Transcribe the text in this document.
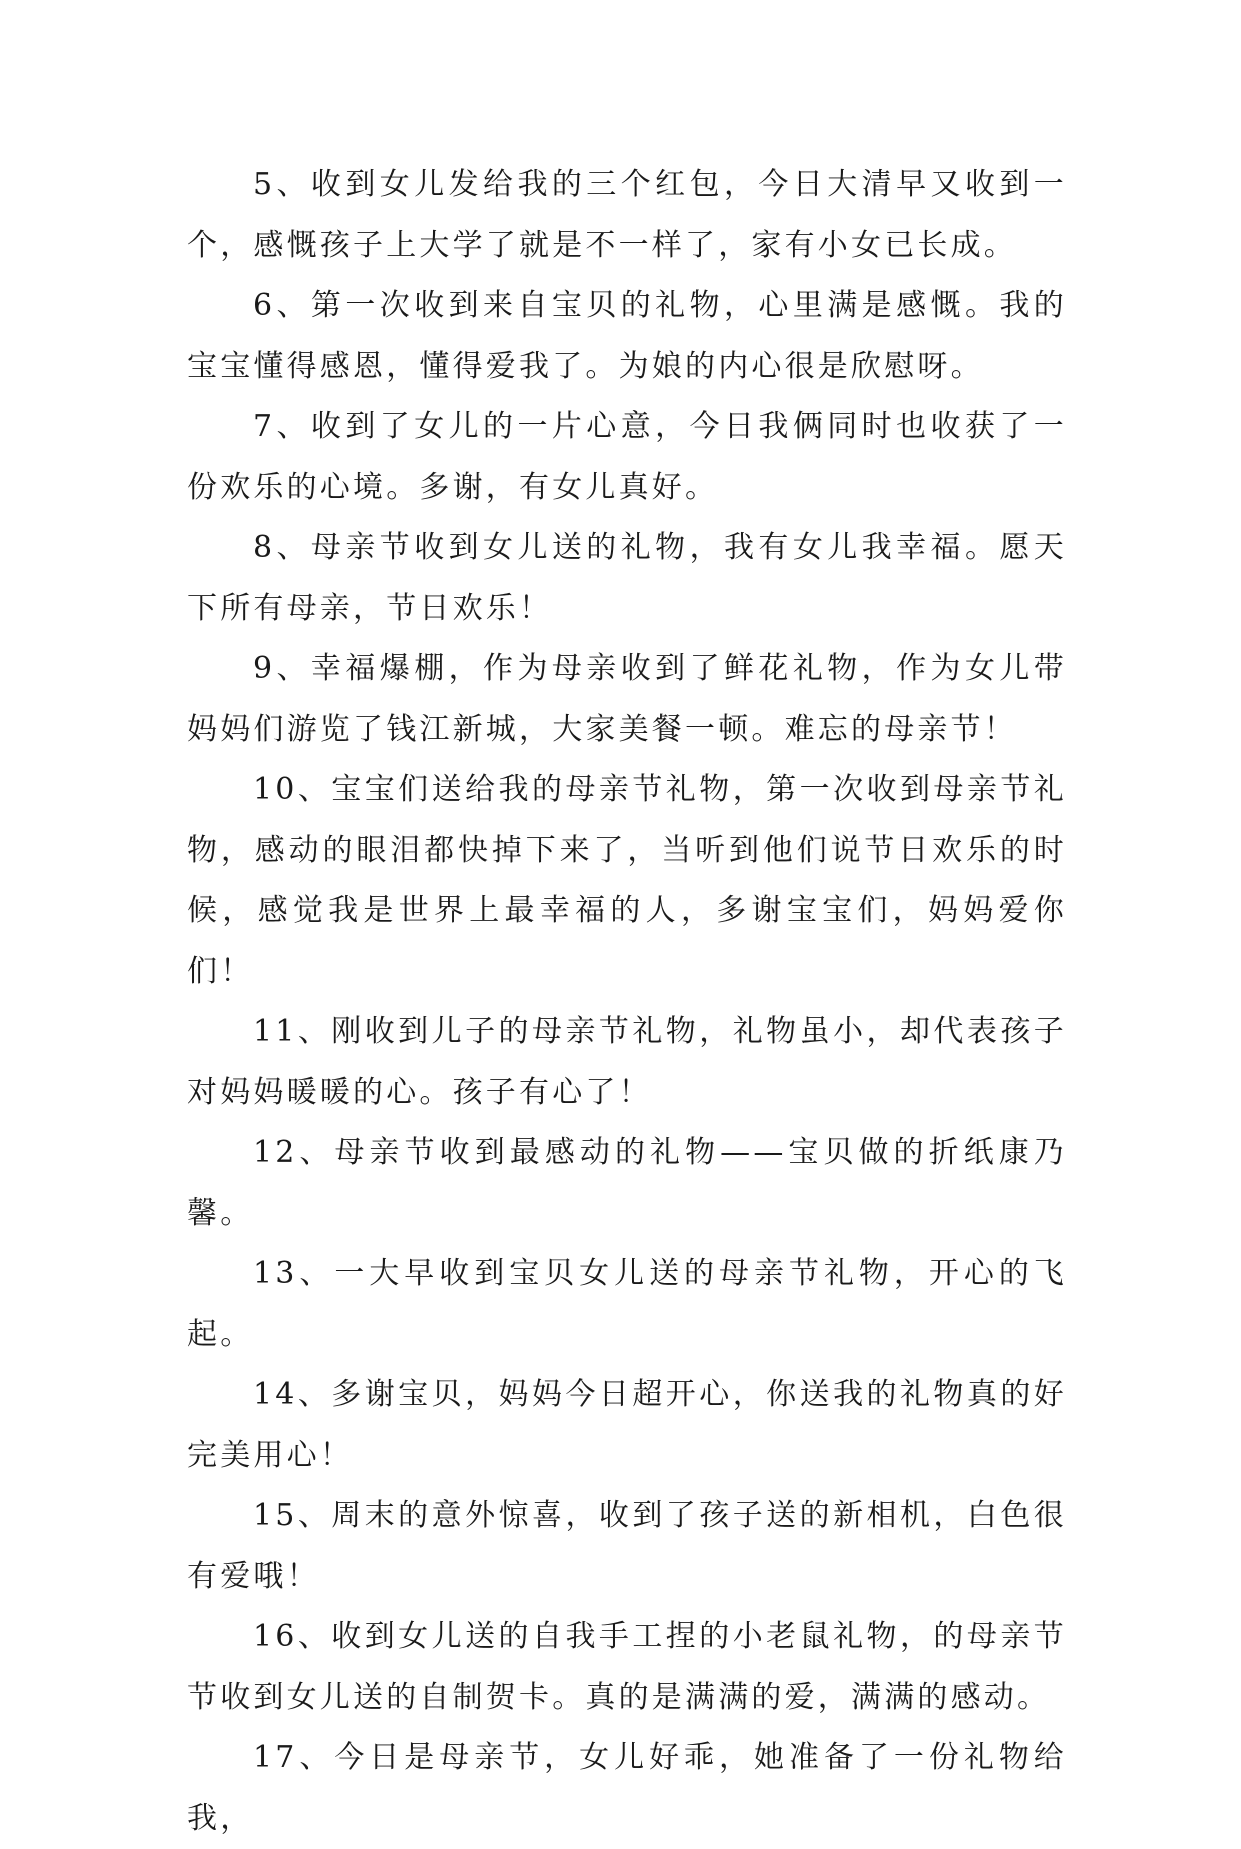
5、收到女儿发给我的三个红包，今日大清早又收到一个，感慨孩子上大学了就是不一样了，家有小女已长成。

6、第一次收到来自宝贝的礼物，心里满是感慨。我的宝宝懂得感恩，懂得爱我了。为娘的内心很是欣慰呀。

7、收到了女儿的一片心意，今日我俩同时也收获了一份欢乐的心境。多谢，有女儿真好。

8、母亲节收到女儿送的礼物，我有女儿我幸福。愿天下所有母亲，节日欢乐！

9、幸福爆棚，作为母亲收到了鲜花礼物，作为女儿带妈妈们游览了钱江新城，大家美餐一顿。难忘的母亲节！

10、宝宝们送给我的母亲节礼物，第一次收到母亲节礼物，感动的眼泪都快掉下来了，当听到他们说节日欢乐的时候，感觉我是世界上最幸福的人，多谢宝宝们，妈妈爱你们！

11、刚收到儿子的母亲节礼物，礼物虽小，却代表孩子对妈妈暖暖的心。孩子有心了！

12、母亲节收到最感动的礼物——宝贝做的折纸康乃馨。

13、一大早收到宝贝女儿送的母亲节礼物，开心的飞起。

14、多谢宝贝，妈妈今日超开心，你送我的礼物真的好完美用心！

15、周末的意外惊喜，收到了孩子送的新相机，白色很有爱哦！

16、收到女儿送的自我手工捏的小老鼠礼物，的母亲节节收到女儿送的自制贺卡。真的是满满的爱，满满的感动。

17、今日是母亲节，女儿好乖，她准备了一份礼物给我，
